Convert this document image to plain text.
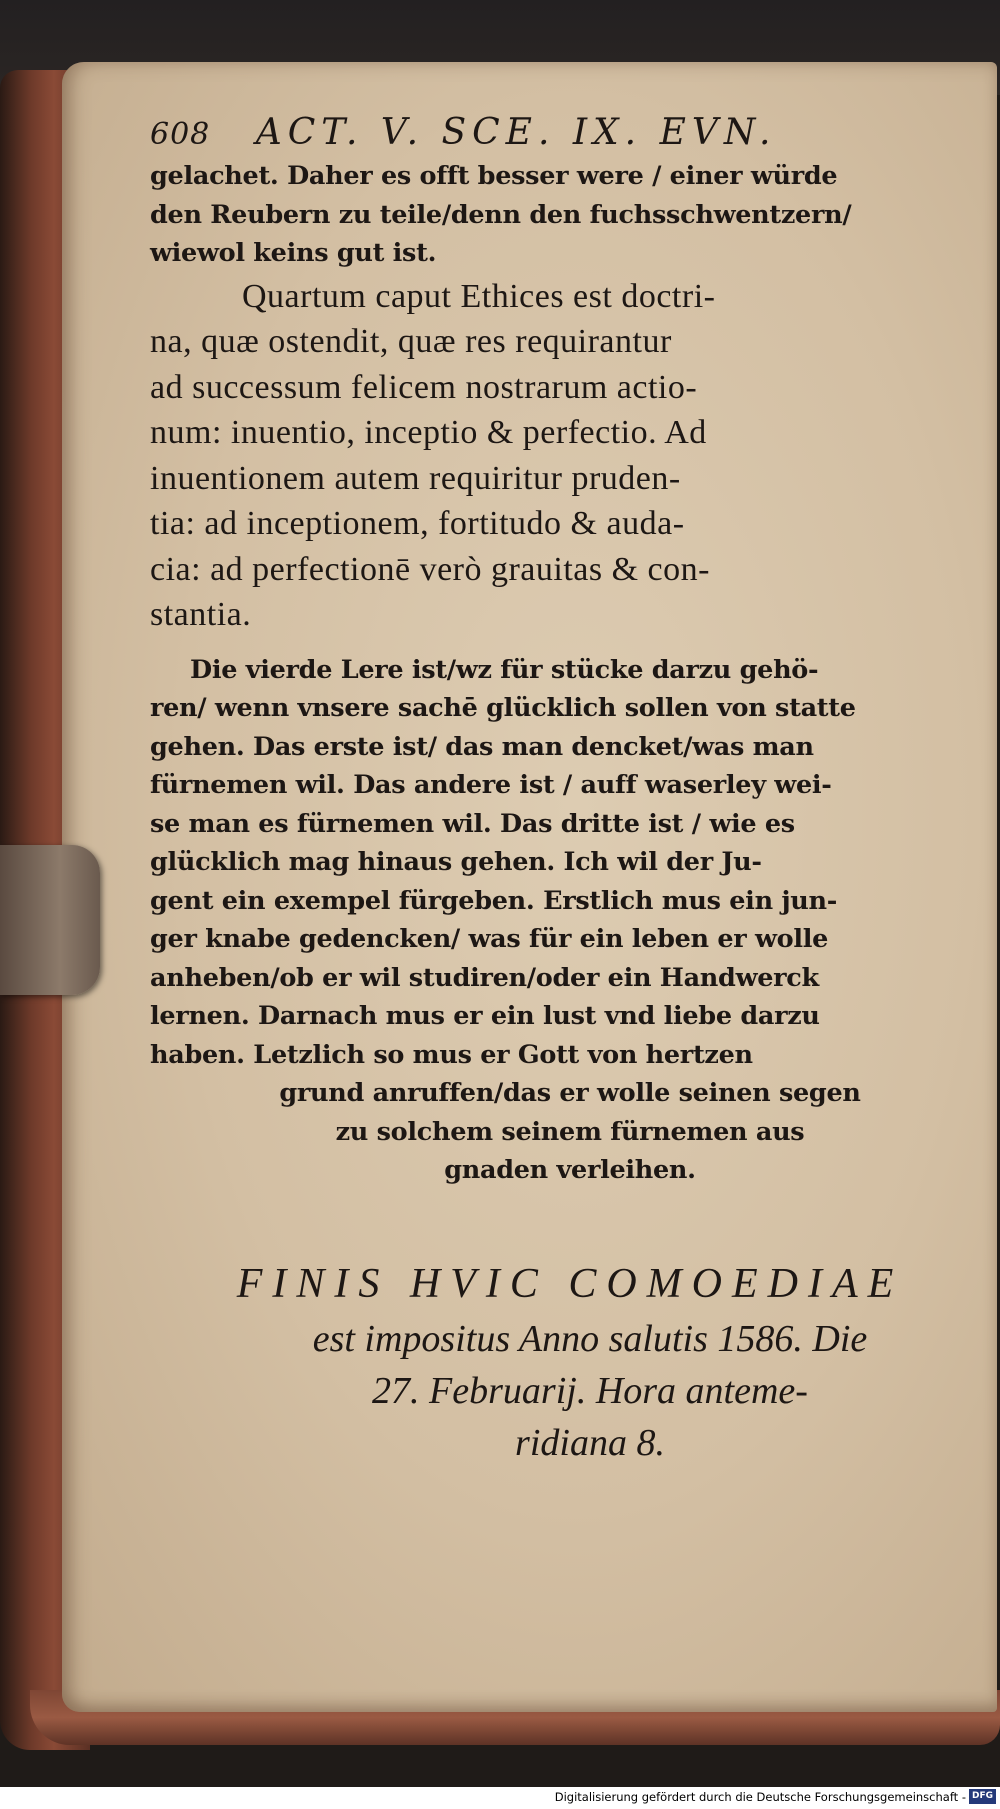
608 ACT. V. SCE. IX. EVN.
gelachet. Daher es offt besser were / einer würde
den Reubern zu teile/denn den fuchsschwentzern/
wiewol keins gut ist.
Quartum caput Ethices est doctri-
na, quæ ostendit, quæ res requirantur
ad successum felicem nostrarum actio-
num: inuentio, inceptio & perfectio. Ad
inuentionem autem requiritur pruden-
tia: ad inceptionem, fortitudo & auda-
cia: ad perfectionē verò grauitas & con-
stantia.
Die vierde Lere ist/wz für stücke darzu gehö-
ren/ wenn vnsere sachē glücklich sollen von statte
gehen. Das erste ist/ das man dencket/was man
fürnemen wil. Das andere ist / auff waserley wei-
se man es fürnemen wil. Das dritte ist / wie es
glücklich mag hinaus gehen. Ich wil der Ju-
gent ein exempel fürgeben. Erstlich mus ein jun-
ger knabe gedencken/ was für ein leben er wolle
anheben/ob er wil studiren/oder ein Handwerck
lernen. Darnach mus er ein lust vnd liebe darzu
haben. Letzlich so mus er Gott von hertzen
grund anruffen/das er wolle seinen segen
zu solchem seinem fürnemen aus
gnaden verleihen.
FINIS HVIC COMOEDIAE
est impositus Anno salutis 1586. Die
27. Februarij. Hora anteme-
ridiana 8.
Digitalisierung gefördert durch die Deutsche Forschungsgemeinschaft - DFG
